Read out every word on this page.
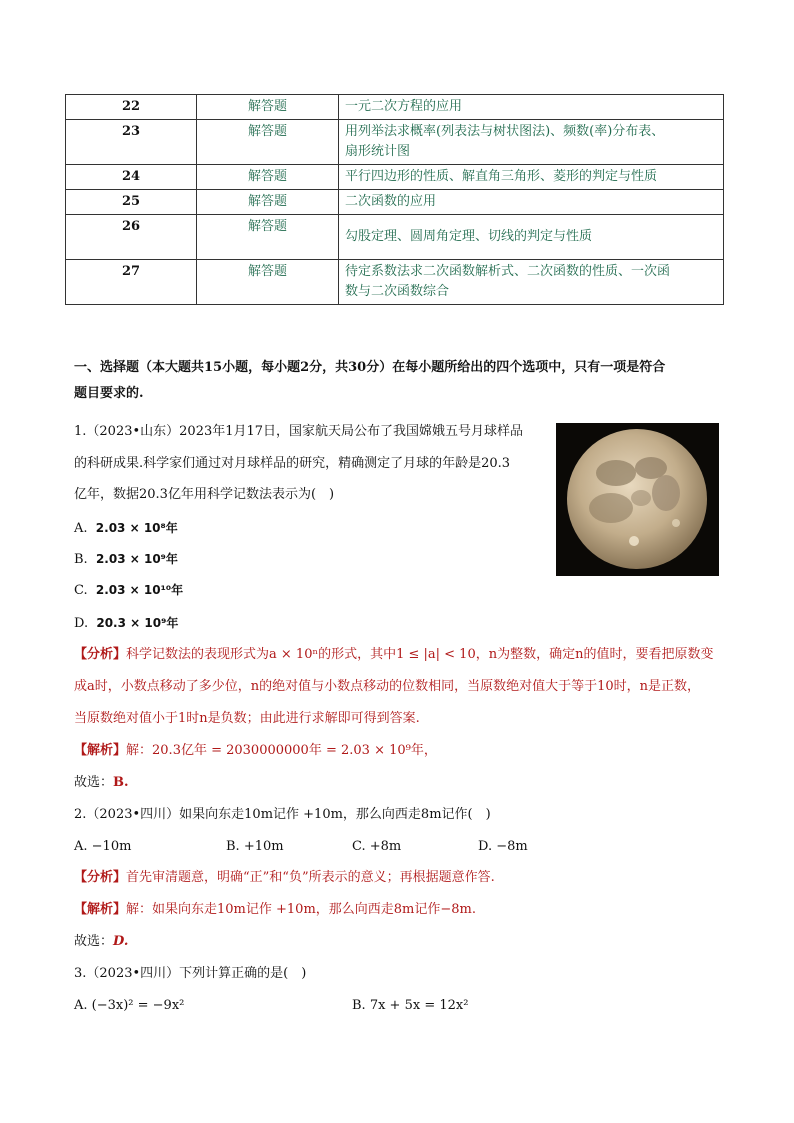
22	解答题	一元二次方程的应用
23	解答题	用列举法求概率(列表法与树状图法)、频数(率)分布表、
扇形统计图

24	解答题	平行四边形的性质、解直角三角形、菱形的判定与性质
25	解答题	二次函数的应用
26	解答题	勾股定理、圆周角定理、切线的判定与性质
27	解答题	待定系数法求二次函数解析式、二次函数的性质、一次函
数与二次函数综合
一、选择题（本大题共15小题，每小题2分，共30分）在每小题所给出的四个选项中，只有一项是符合
题目要求的.
1.（2023•山东）2023年1月17日，国家航天局公布了我国嫦娥五号月球样品
的科研成果.科学家们通过对月球样品的研究，精确测定了月球的年龄是20.3
亿年，数据20.3亿年用科学记数法表示为(　)
A. 2.03 × 10⁸年
B. 2.03 × 10⁹年
C. 2.03 × 10¹⁰年
D. 20.3 × 10⁹年
【分析】科学记数法的表现形式为a × 10ⁿ的形式，其中1 ≤ |a| < 10，n为整数，确定n的值时，要看把原数变
成a时，小数点移动了多少位，n的绝对值与小数点移动的位数相同，当原数绝对值大于等于10时，n是正数，
当原数绝对值小于1时n是负数；由此进行求解即可得到答案.
【解析】解：20.3亿年 = 2030000000年 = 2.03 × 10⁹年，
故选：B.
2.（2023•四川）如果向东走10m记作 +10m，那么向西走8m记作(　)
A. −10m	B. +10m	C. +8m	D. −8m
【分析】首先审清题意，明确“正”和“负”所表示的意义；再根据题意作答.
【解析】解：如果向东走10m记作 +10m，那么向西走8m记作−8m.
故选：D.
3.（2023•四川）下列计算正确的是(　)
A. (−3x)² = −9x²	B. 7x + 5x = 12x²
